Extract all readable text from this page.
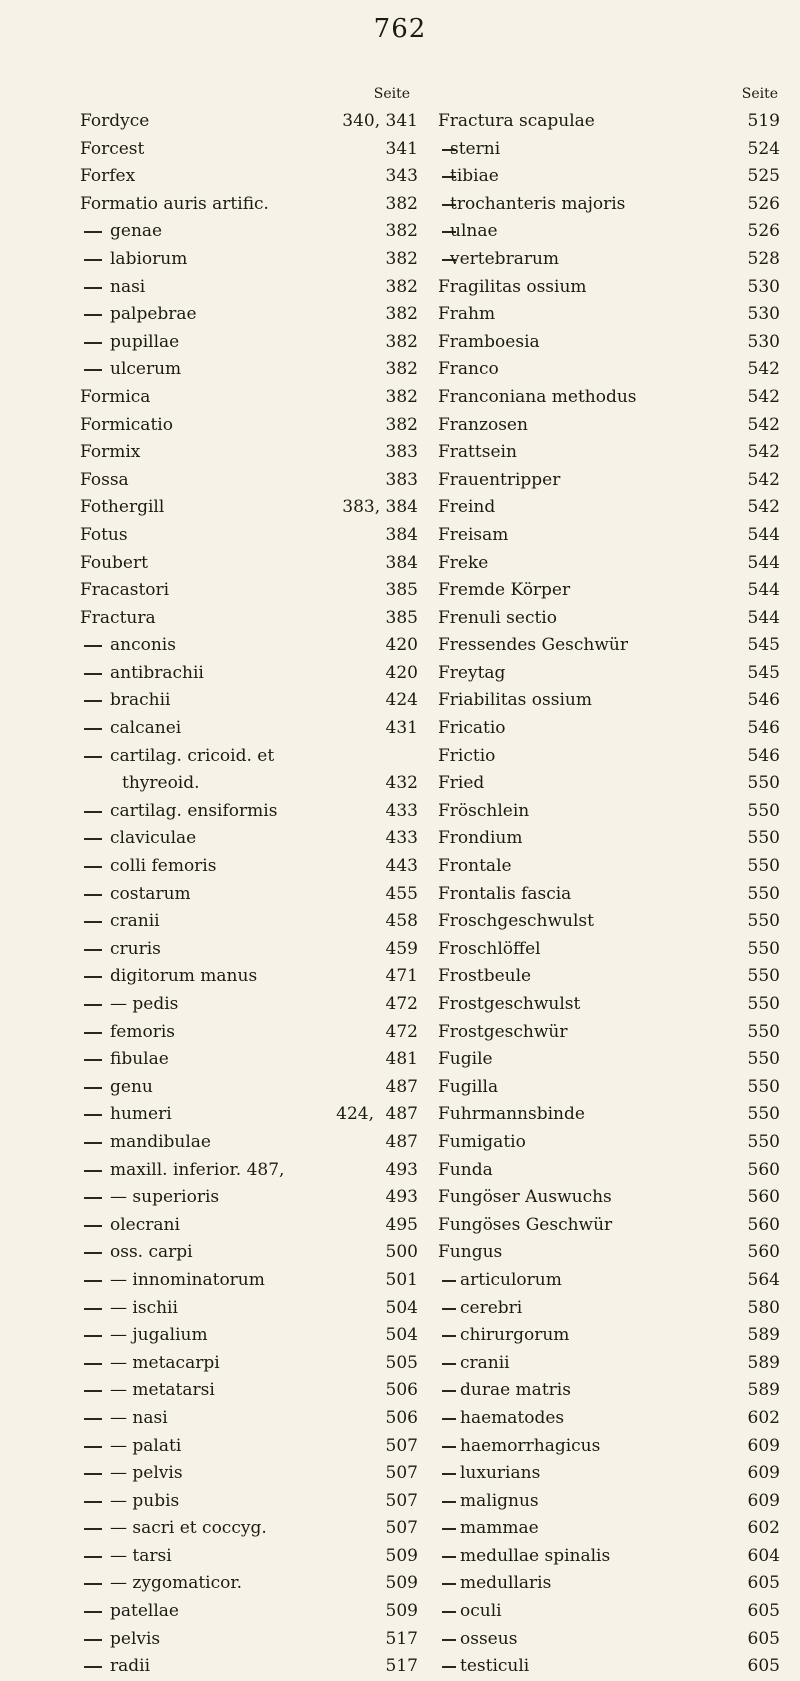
762
Seite
Fordyce	340, 341
Forcest	341
Forfex	343
Formatio auris artific.	382
genae	382
labiorum	382
nasi	382
palpebrae	382
pupillae	382
ulcerum	382
Formica	382
Formicatio	382
Formix	383
Fossa	383
Fothergill	383, 384
Fotus	384
Foubert	384
Fracastori	385
Fractura	385
anconis	420
antibrachii	420
brachii	424
calcanei	431
cartilag. cricoid. et
thyreoid.	432
cartilag. ensiformis	433
claviculae	433
colli femoris	443
costarum	455
cranii	458
cruris	459
digitorum manus	471
— pedis	472
femoris	472
fibulae	481
genu	487
humeri	424, 487
mandibulae	487
maxill. inferior. 487,	493
— superioris	493
olecrani	495
oss. carpi	500
— innominatorum	501
— ischii	504
— jugalium	504
— metacarpi	505
— metatarsi	506
— nasi	506
— palati	507
— pelvis	507
— pubis	507
— sacri et coccyg.	507
— tarsi	509
— zygomaticor.	509
patellae	509
pelvis	517
radii	517
Seite
Fractura scapulae	519
sterni	524
tibiae	525
trochanteris majoris	526
ulnae	526
vertebrarum	528
Fragilitas ossium	530
Frahm	530
Framboesia	530
Franco	542
Franconiana methodus	542
Franzosen	542
Frattsein	542
Frauentripper	542
Freind	542
Freisam	544
Freke	544
Fremde Körper	544
Frenuli sectio	544
Fressendes Geschwür	545
Freytag	545
Friabilitas ossium	546
Fricatio	546
Frictio	546
Fried	550
Fröschlein	550
Frondium	550
Frontale	550
Frontalis fascia	550
Froschgeschwulst	550
Froschlöffel	550
Frostbeule	550
Frostgeschwulst	550
Frostgeschwür	550
Fugile	550
Fugilla	550
Fuhrmannsbinde	550
Fumigatio	550
Funda	560
Fungöser Auswuchs	560
Fungöses Geschwür	560
Fungus	560
articulorum	564
cerebri	580
chirurgorum	589
cranii	589
durae matris	589
haematodes	602
haemorrhagicus	609
luxurians	609
malignus	609
mammae	602
medullae spinalis	604
medullaris	605
oculi	605
osseus	605
testiculi	605
